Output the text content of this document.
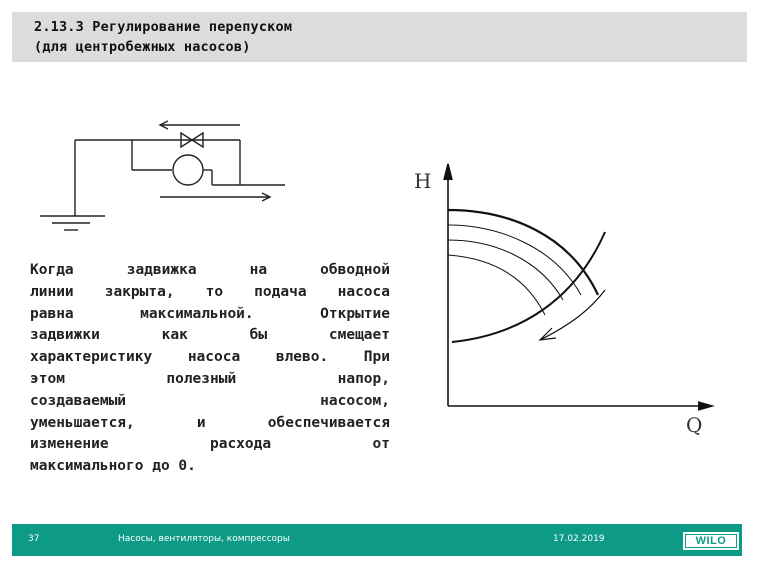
2.13.3 Регулирование перепуском
(для центробежных насосов)
H
Q
Когда задвижка на обводной
линии закрыта, то подача насоса
равна максимальной. Открытие
задвижки как бы смещает
характеристику насоса влево. При
этом полезный напор,
создаваемый насосом,
уменьшается, и обеспечивается
изменение расхода от
максимального до 0.
37	Насосы, вентиляторы, компрессоры	17.02.2019	WILO
